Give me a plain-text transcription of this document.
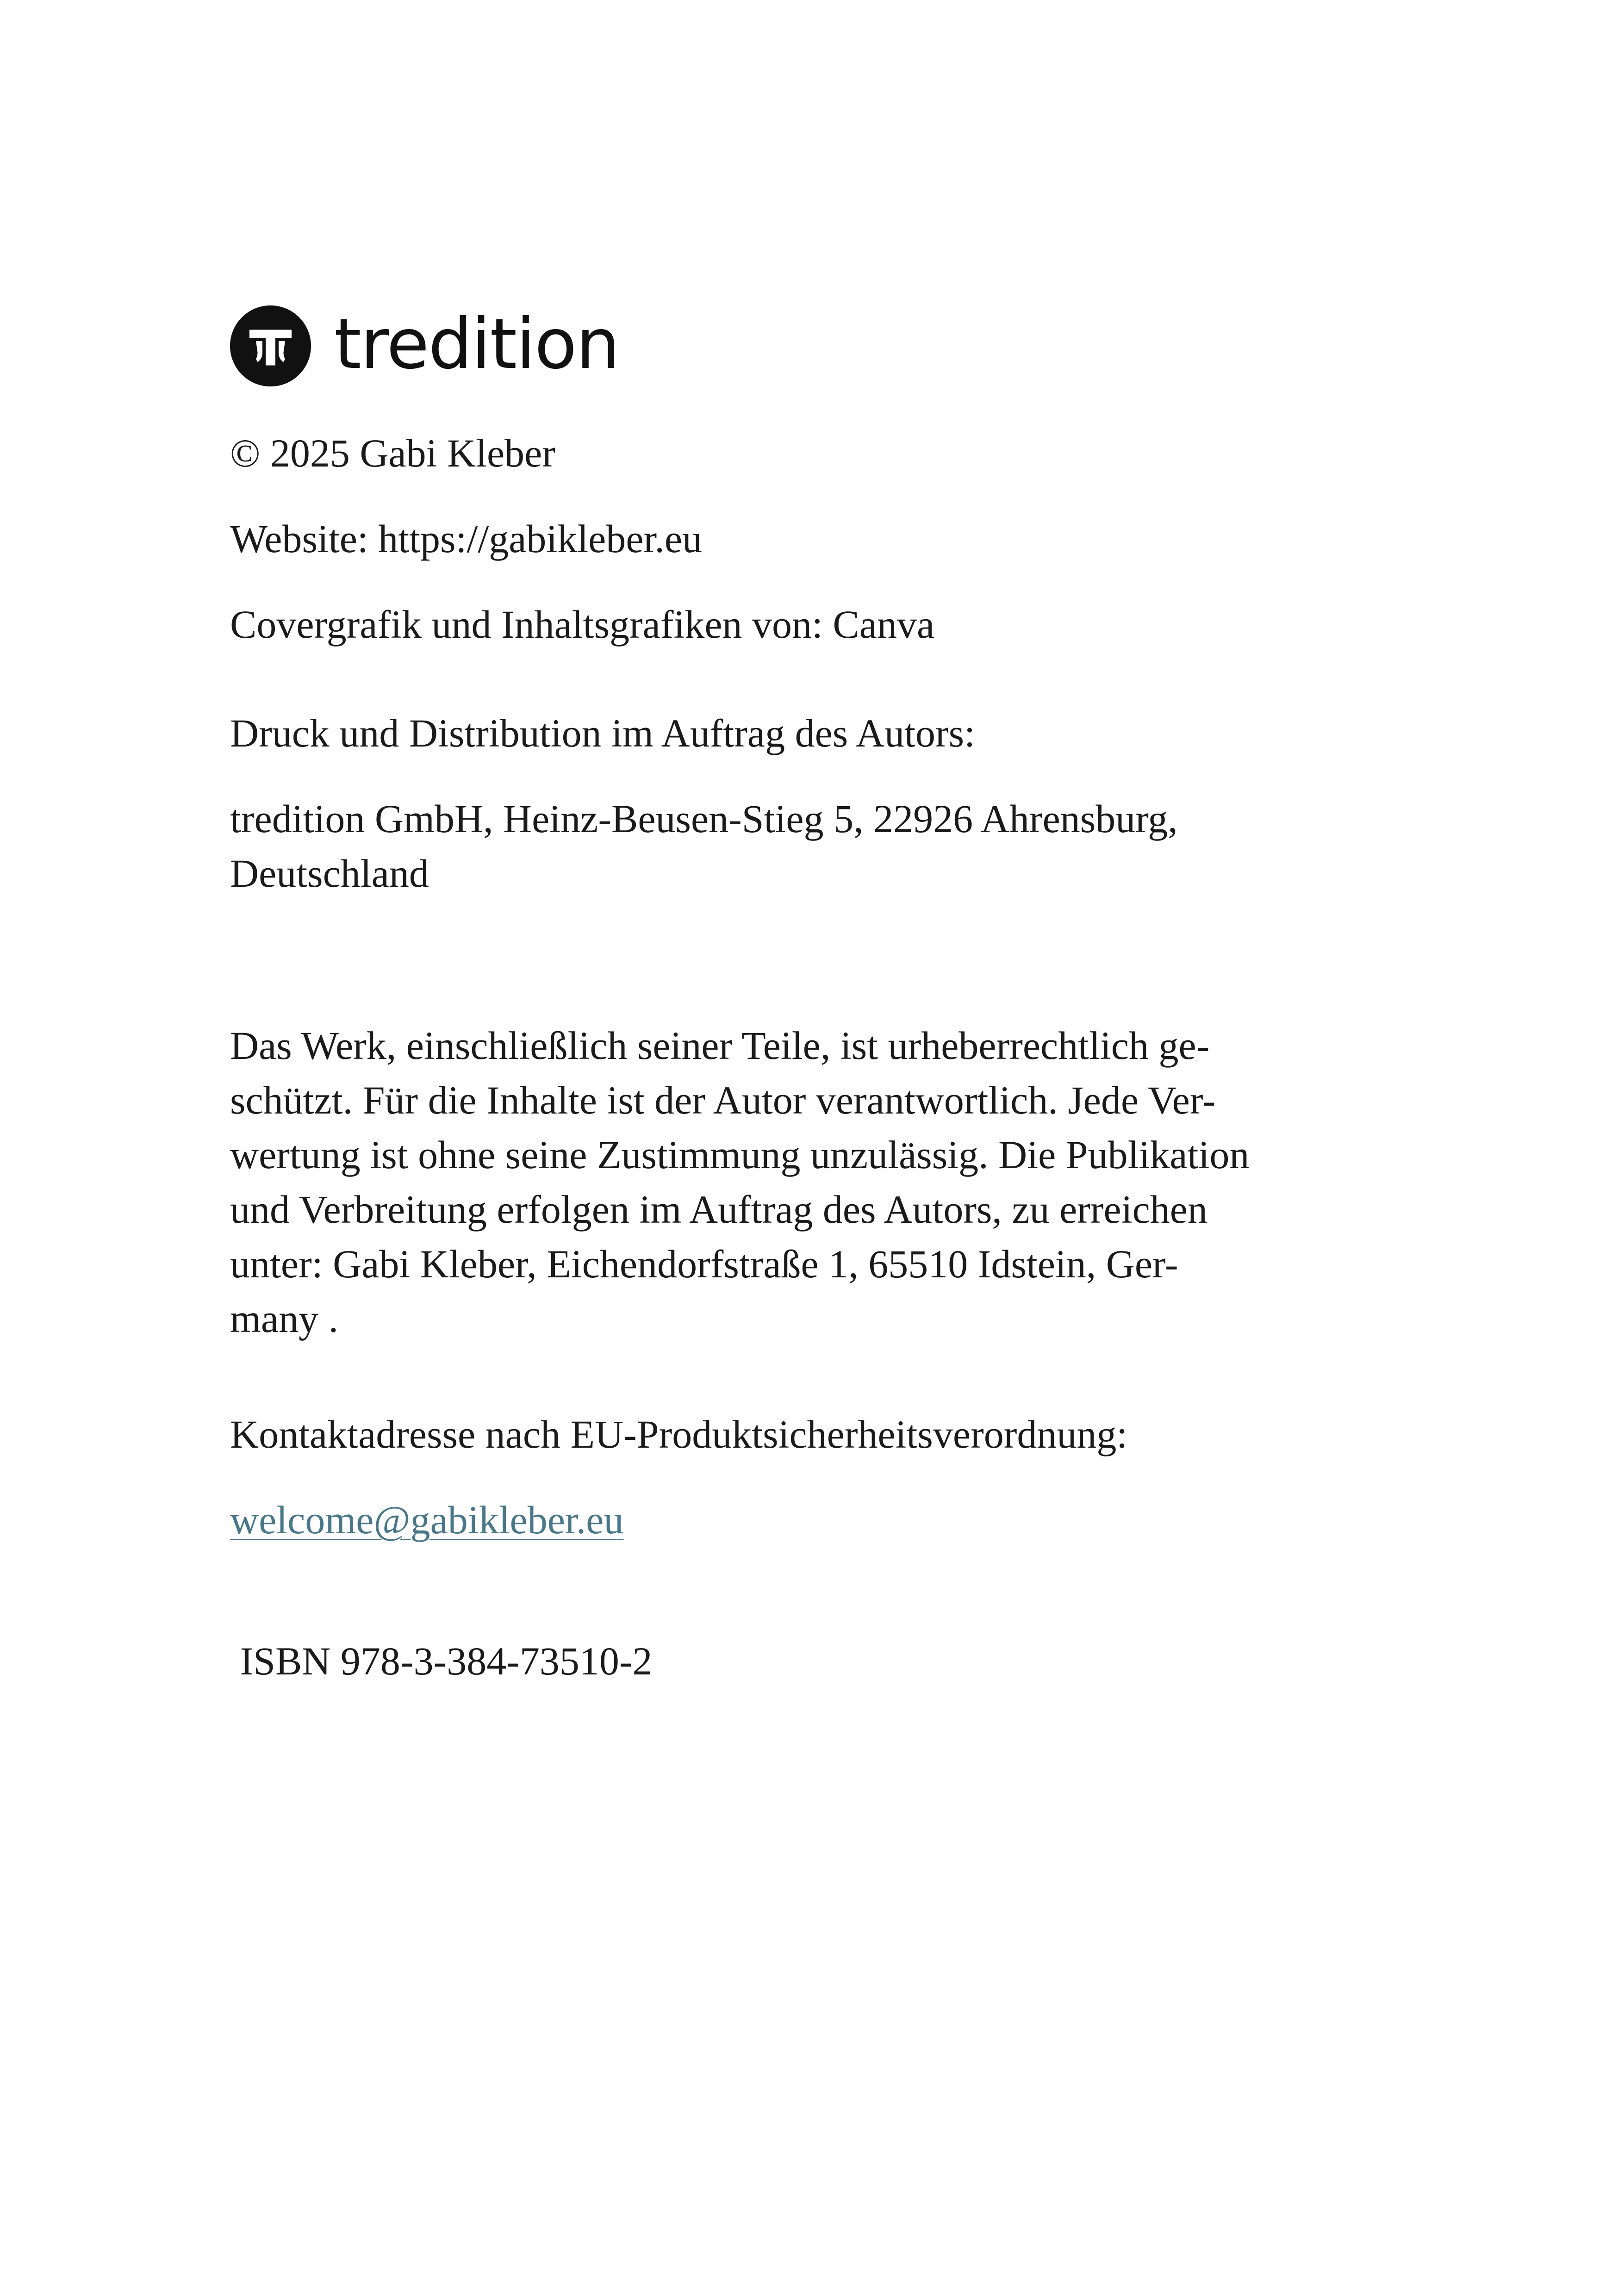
tredition
© 2025 Gabi Kleber
Website: https://gabikleber.eu
Covergrafik und Inhaltsgrafiken von: Canva
Druck und Distribution im Auftrag des Autors:
tredition GmbH, Heinz-Beusen-Stieg 5, 22926 Ahrensburg,
Deutschland
Das Werk, einschließlich seiner Teile, ist urheberrechtlich ge-
schützt. Für die Inhalte ist der Autor verantwortlich. Jede Ver-
wertung ist ohne seine Zustimmung unzulässig. Die Publikation
und Verbreitung erfolgen im Auftrag des Autors, zu erreichen
unter: Gabi Kleber, Eichendorfstraße 1, 65510 Idstein, Ger-
many .
Kontaktadresse nach EU-Produktsicherheitsverordnung:
welcome@gabikleber.eu
ISBN 978-3-384-73510-2
